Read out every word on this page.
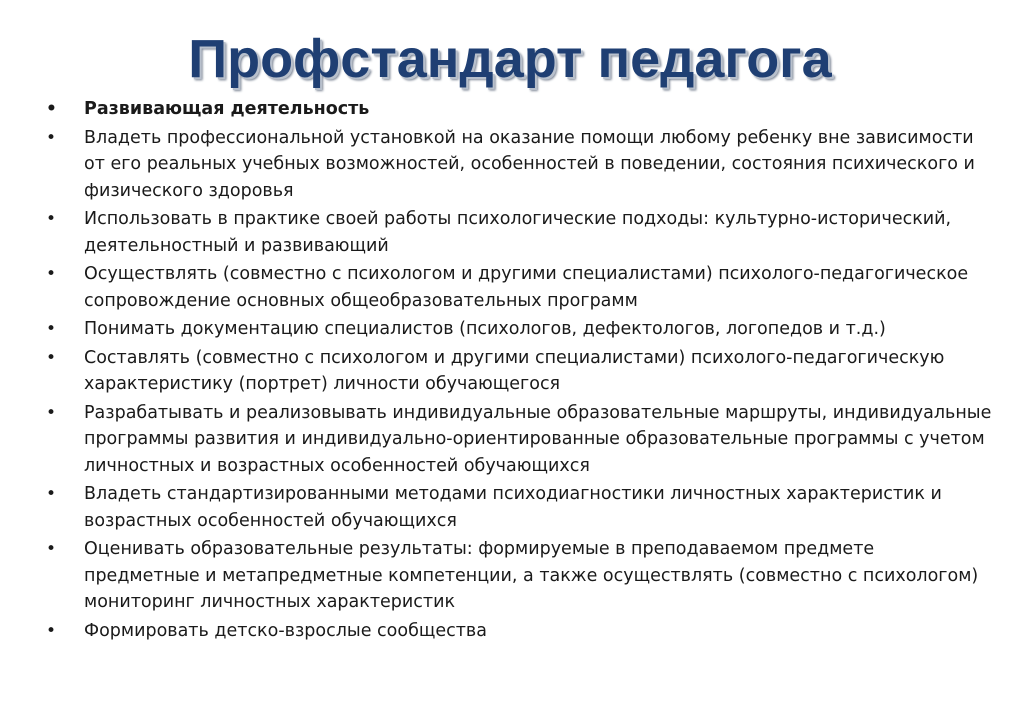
Профстандарт педагога
• Развивающая деятельность
• Владеть профессиональной установкой на оказание помощи любому ребенку вне зависимости от его реальных учебных возможностей, особенностей в поведении, состояния психического и физического здоровья
• Использовать в практике своей работы психологические подходы: культурно-исторический, деятельностный и развивающий
• Осуществлять (совместно с психологом и другими специалистами) психолого-педагогическое сопровождение основных общеобразовательных программ
• Понимать документацию специалистов (психологов, дефектологов, логопедов и т.д.)
• Составлять (совместно с психологом и другими специалистами) психолого-педагогическую характеристику (портрет) личности обучающегося
• Разрабатывать и реализовывать индивидуальные образовательные маршруты, индивидуальные программы развития и индивидуально-ориентированные образовательные программы с учетом личностных и возрастных особенностей обучающихся
• Владеть стандартизированными методами психодиагностики личностных характеристик и возрастных особенностей обучающихся
• Оценивать образовательные результаты: формируемые в преподаваемом предмете предметные и метапредметные компетенции, а также осуществлять (совместно с психологом) мониторинг личностных характеристик
• Формировать детско-взрослые сообщества
